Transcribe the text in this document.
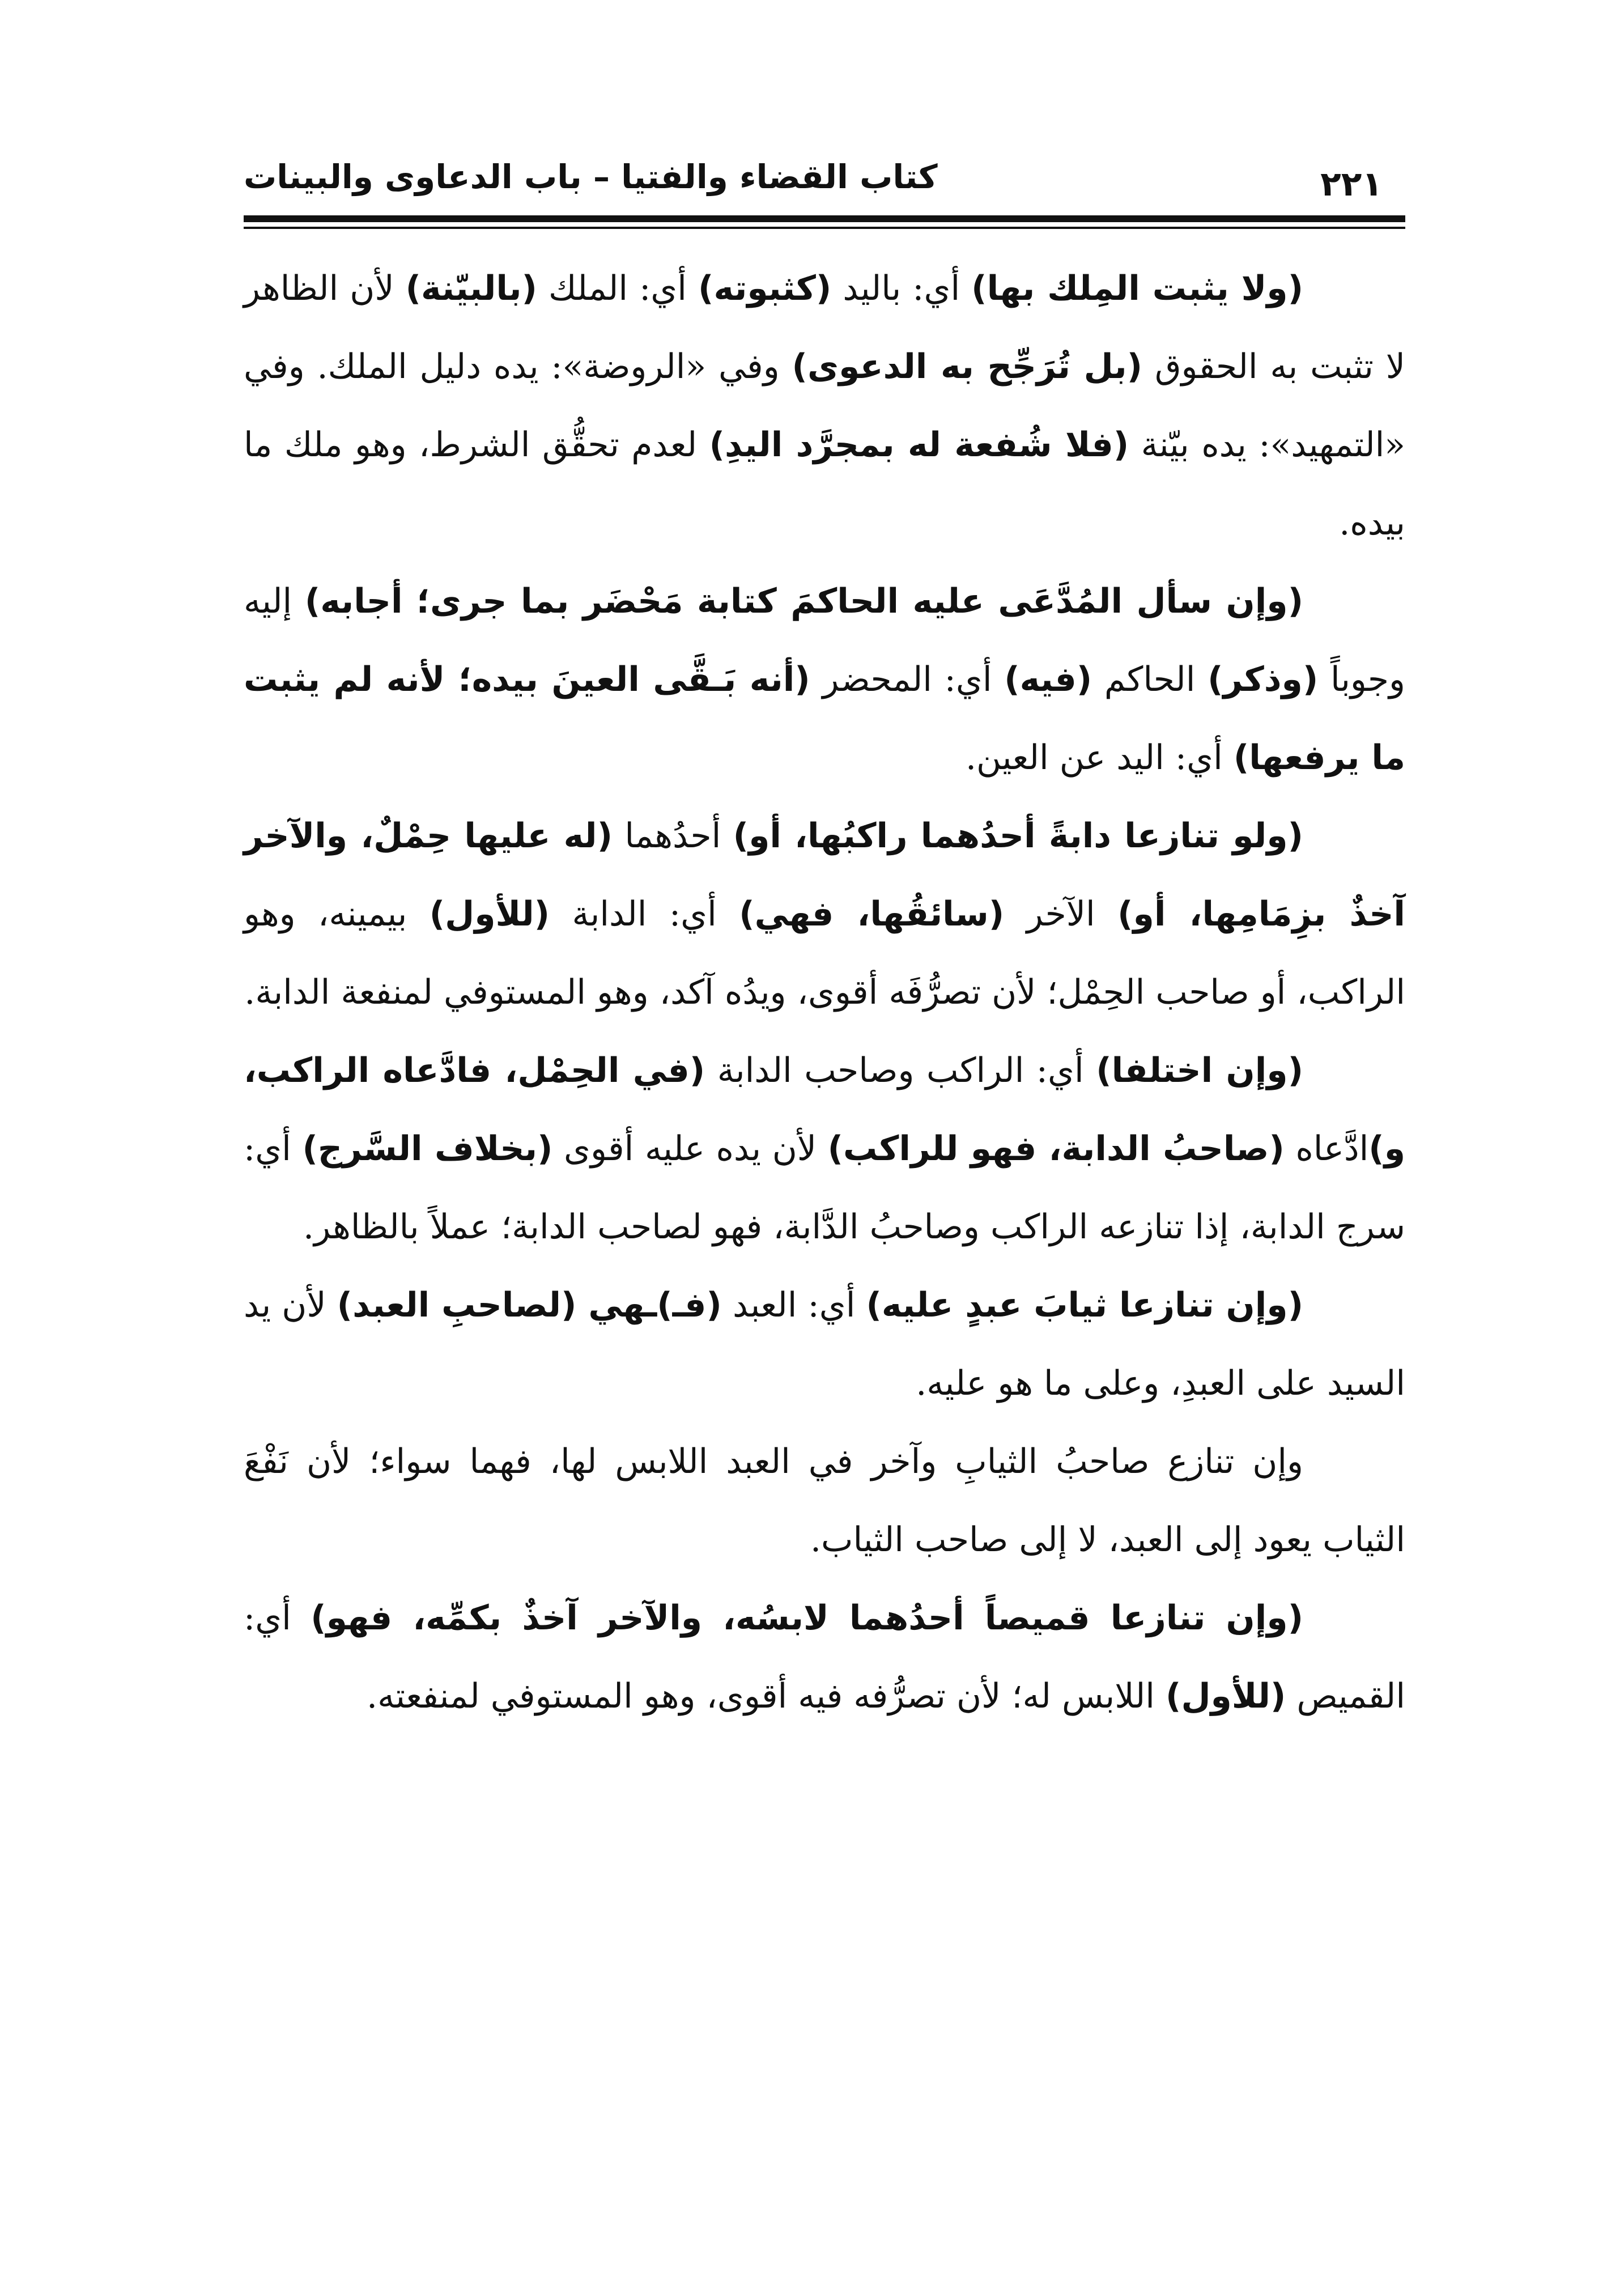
كتاب القضاء والفتيا – باب الدعاوى والبينات	٢٢١

(ولا يثبت المِلك بها) أي: باليد (كثبوته) أي: الملك (بالبيّنة) لأن الظاهر لا تثبت به الحقوق (بل تُرَجِّح به الدعوى) وفي «الروضة»: يده دليل الملك. وفي «التمهيد»: يده بيّنة (فلا شُفعة له بمجرَّد اليدِ) لعدم تحقُّق الشرط، وهو ملك ما بيده.

(وإن سأل المُدَّعَى عليه الحاكمَ كتابة مَحْضَر بما جرى؛ أجابه) إليه وجوباً (وذكر) الحاكم (فيه) أي: المحضر (أنه بَـقَّى العينَ بيده؛ لأنه لم يثبت ما يرفعها) أي: اليد عن العين.

(ولو تنازعا دابةً أحدُهما راكبُها، أو) أحدُهما (له عليها حِمْلٌ، والآخر آخذٌ بزِمَامِها، أو) الآخر (سائقُها، فهي) أي: الدابة (للأول) بيمينه، وهو الراكب، أو صاحب الحِمْل؛ لأن تصرُّفَه أقوى، ويدُه آكد، وهو المستوفي لمنفعة الدابة.

(وإن اختلفا) أي: الراكب وصاحب الدابة (في الحِمْل، فادَّعاه الراكب، و)ادَّعاه (صاحبُ الدابة، فهو للراكب) لأن يده عليه أقوى (بخلاف السَّرج) أي: سرج الدابة، إذا تنازعه الراكب وصاحبُ الدَّابة، فهو لصاحب الدابة؛ عملاً بالظاهر.

(وإن تنازعا ثيابَ عبدٍ عليه) أي: العبد (فـ)ـهي (لصاحبِ العبد) لأن يد السيد على العبدِ، وعلى ما هو عليه.

وإن تنازع صاحبُ الثيابِ وآخر في العبد اللابس لها، فهما سواء؛ لأن نَفْعَ الثياب يعود إلى العبد، لا إلى صاحب الثياب.

(وإن تنازعا قميصاً أحدُهما لابسُه، والآخر آخذٌ بكمِّه، فهو) أي: القميص (للأول) اللابس له؛ لأن تصرُّفه فيه أقوى، وهو المستوفي لمنفعته.
